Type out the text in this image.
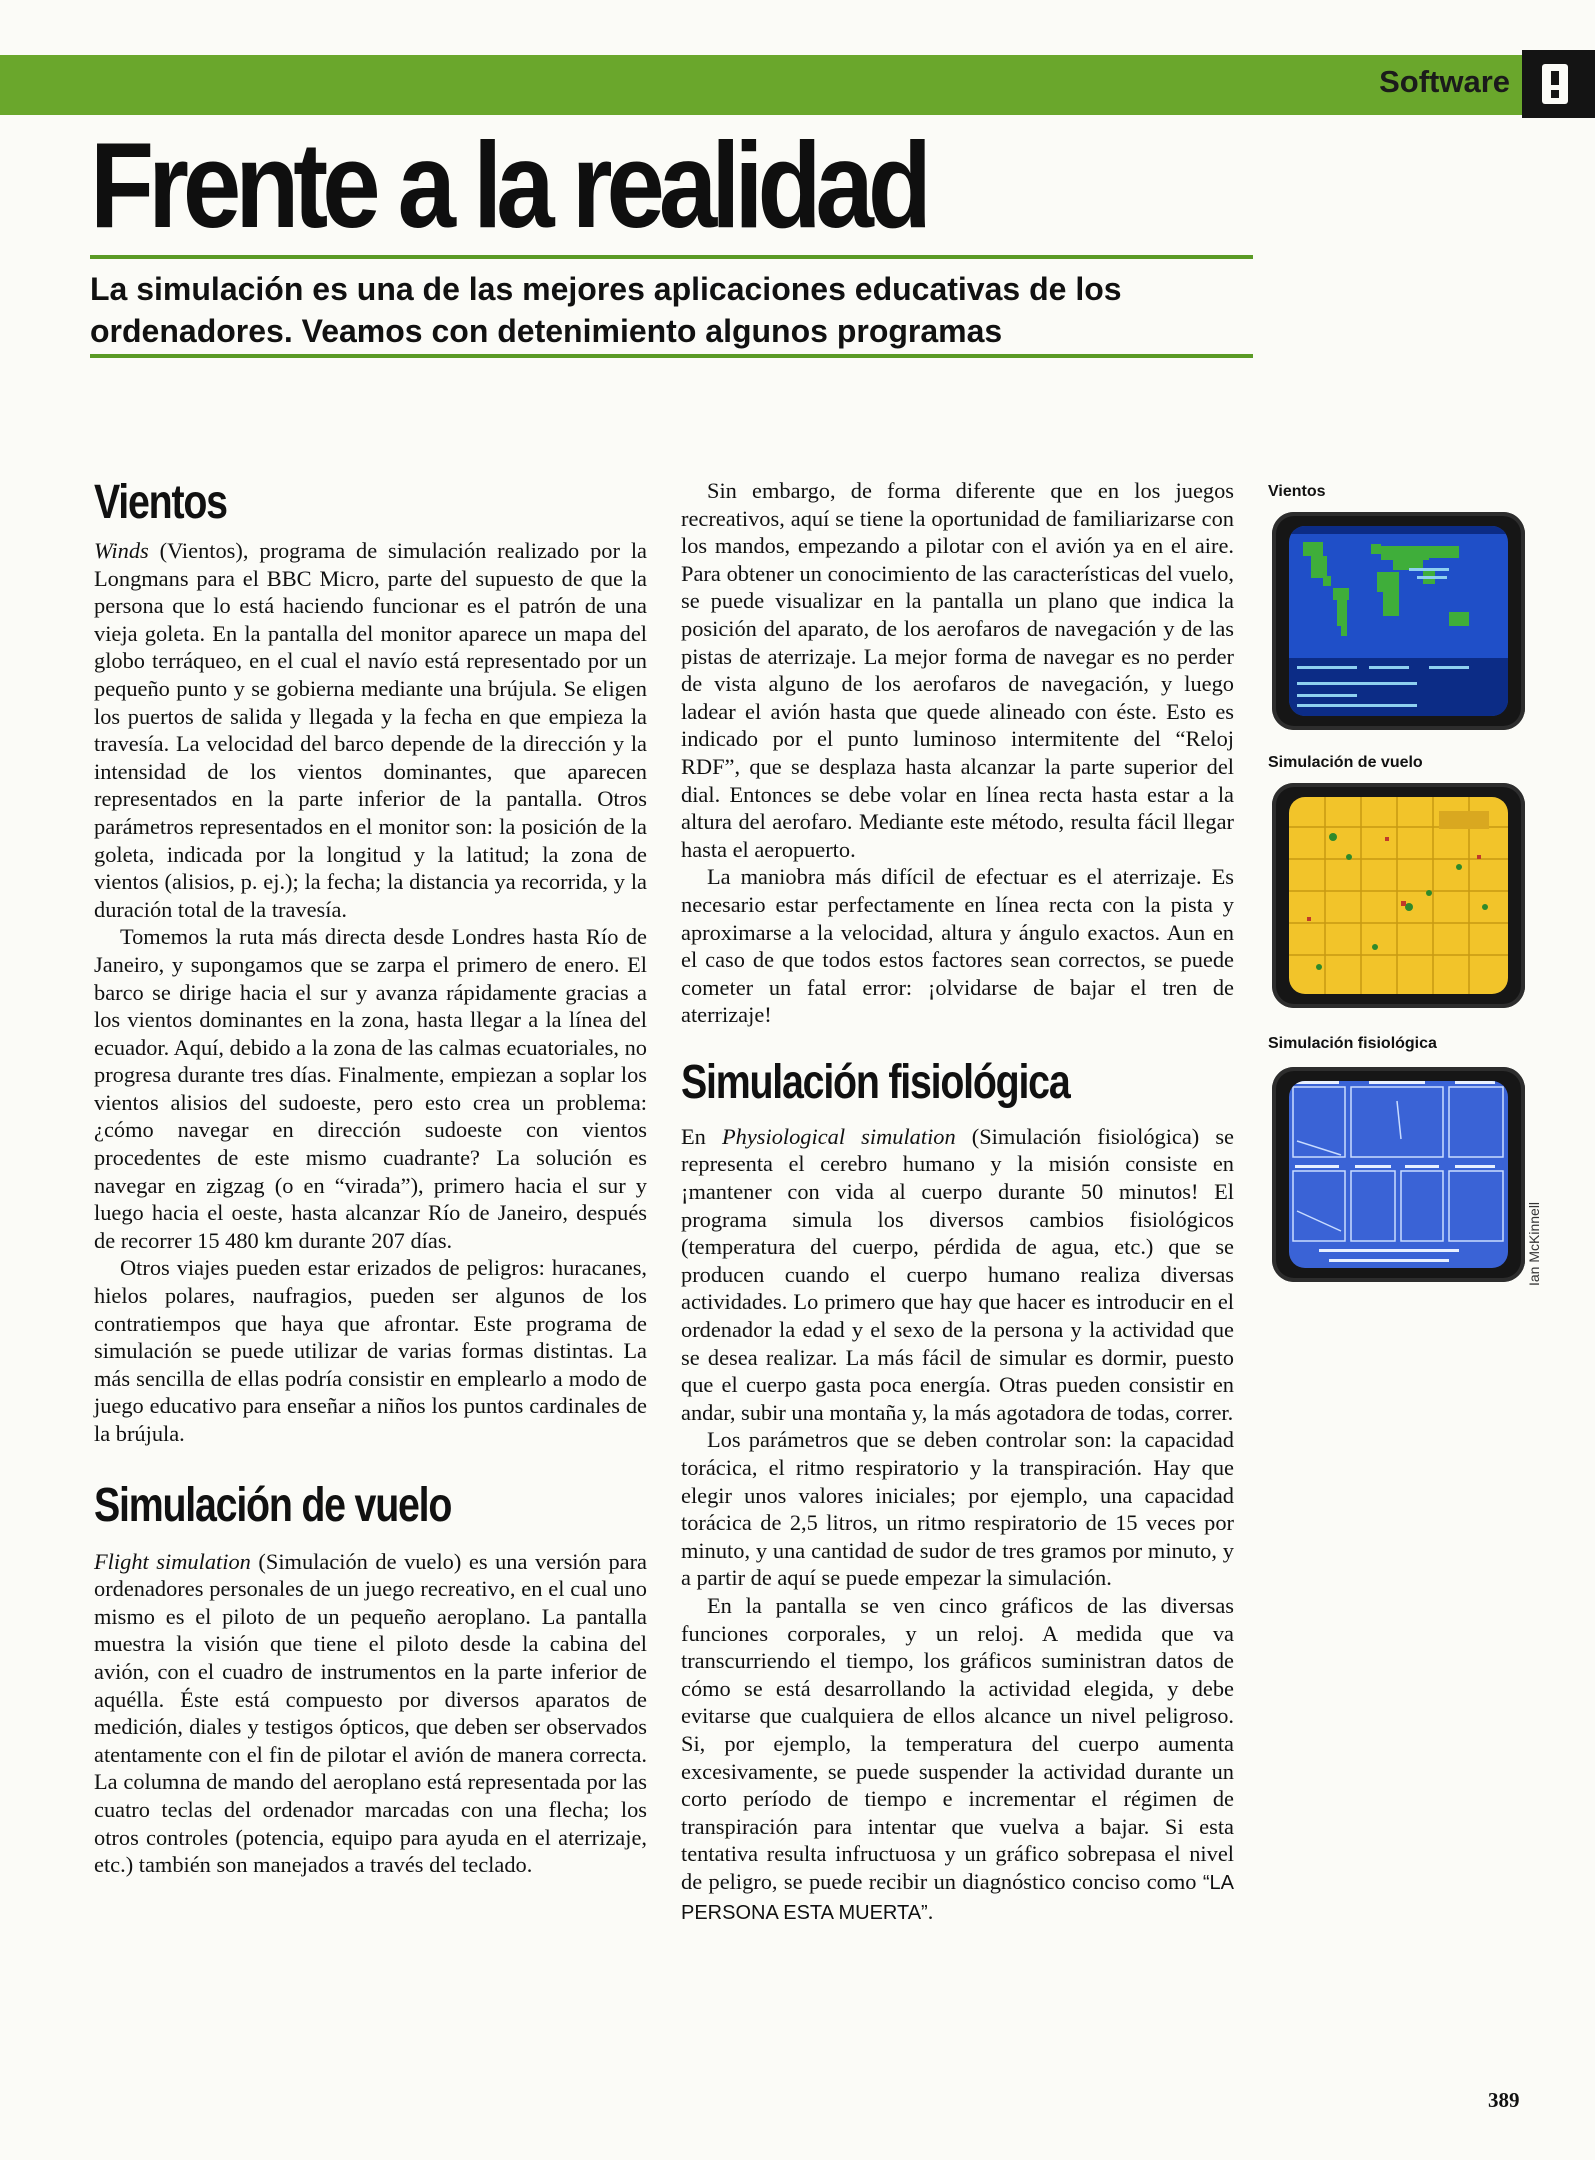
Software
Frente a la realidad

La simulación es una de las mejores aplicaciones educativas de los ordenadores. Veamos con detenimiento algunos programas

Vientos

Winds (Vientos), programa de simulación realizado por la Longmans para el BBC Micro, parte del supuesto de que la persona que lo está haciendo funcionar es el patrón de una vieja goleta. En la pantalla del monitor aparece un mapa del globo terráqueo, en el cual el navío está representado por un pequeño punto y se gobierna mediante una brújula. Se eligen los puertos de salida y llegada y la fecha en que empieza la travesía. La velocidad del barco depende de la dirección y la intensidad de los vientos dominantes, que aparecen representados en la parte inferior de la pantalla. Otros parámetros representados en el monitor son: la posición de la goleta, indicada por la longitud y la latitud; la zona de vientos (alisios, p. ej.); la fecha; la distancia ya recorrida, y la duración total de la travesía.

Tomemos la ruta más directa desde Londres hasta Río de Janeiro, y supongamos que se zarpa el primero de enero. El barco se dirige hacia el sur y avanza rápidamente gracias a los vientos dominantes en la zona, hasta llegar a la línea del ecuador. Aquí, debido a la zona de las calmas ecuatoriales, no progresa durante tres días. Finalmente, empiezan a soplar los vientos alisios del sudoeste, pero esto crea un problema: ¿cómo navegar en dirección sudoeste con vientos procedentes de este mismo cuadrante? La solución es navegar en zigzag (o en “virada”), primero hacia el sur y luego hacia el oeste, hasta alcanzar Río de Janeiro, después de recorrer 15 480 km durante 207 días.

Otros viajes pueden estar erizados de peligros: huracanes, hielos polares, naufragios, pueden ser algunos de los contratiempos que haya que afrontar. Este programa de simulación se puede utilizar de varias formas distintas. La más sencilla de ellas podría consistir en emplearlo a modo de juego educativo para enseñar a niños los puntos cardinales de la brújula.

Simulación de vuelo

Flight simulation (Simulación de vuelo) es una versión para ordenadores personales de un juego recreativo, en el cual uno mismo es el piloto de un pequeño aeroplano. La pantalla muestra la visión que tiene el piloto desde la cabina del avión, con el cuadro de instrumentos en la parte inferior de aquélla. Éste está compuesto por diversos aparatos de medición, diales y testigos ópticos, que deben ser observados atentamente con el fin de pilotar el avión de manera correcta. La columna de mando del aeroplano está representada por las cuatro teclas del ordenador marcadas con una flecha; los otros controles (potencia, equipo para ayuda en el aterrizaje, etc.) también son manejados a través del teclado.

Sin embargo, de forma diferente que en los juegos recreativos, aquí se tiene la oportunidad de familiarizarse con los mandos, empezando a pilotar con el avión ya en el aire. Para obtener un conocimiento de las características del vuelo, se puede visualizar en la pantalla un plano que indica la posición del aparato, de los aerofaros de navegación y de las pistas de aterrizaje. La mejor forma de navegar es no perder de vista alguno de los aerofaros de navegación, y luego ladear el avión hasta que quede alineado con éste. Esto es indicado por el punto luminoso intermitente del “Reloj RDF”, que se desplaza hasta alcanzar la parte superior del dial. Entonces se debe volar en línea recta hasta estar a la altura del aerofaro. Mediante este método, resulta fácil llegar hasta el aeropuerto.

La maniobra más difícil de efectuar es el aterrizaje. Es necesario estar perfectamente en línea recta con la pista y aproximarse a la velocidad, altura y ángulo exactos. Aun en el caso de que todos estos factores sean correctos, se puede cometer un fatal error: ¡olvidarse de bajar el tren de aterrizaje!

Simulación fisiológica

En Physiological simulation (Simulación fisiológica) se representa el cerebro humano y la misión consiste en ¡mantener con vida al cuerpo durante 50 minutos! El programa simula los diversos cambios fisiológicos (temperatura del cuerpo, pérdida de agua, etc.) que se producen cuando el cuerpo humano realiza diversas actividades. Lo primero que hay que hacer es introducir en el ordenador la edad y el sexo de la persona y la actividad que se desea realizar. La más fácil de simular es dormir, puesto que el cuerpo gasta poca energía. Otras pueden consistir en andar, subir una montaña y, la más agotadora de todas, correr.

Los parámetros que se deben controlar son: la capacidad torácica, el ritmo respiratorio y la transpiración. Hay que elegir unos valores iniciales; por ejemplo, una capacidad torácica de 2,5 litros, un ritmo respiratorio de 15 veces por minuto, y una cantidad de sudor de tres gramos por minuto, y a partir de aquí se puede empezar la simulación.

En la pantalla se ven cinco gráficos de las diversas funciones corporales, y un reloj. A medida que va transcurriendo el tiempo, los gráficos suministran datos de cómo se está desarrollando la actividad elegida, y debe evitarse que cualquiera de ellos alcance un nivel peligroso. Si, por ejemplo, la temperatura del cuerpo aumenta excesivamente, se puede suspender la actividad durante un corto período de tiempo e incrementar el régimen de transpiración para intentar que vuelva a bajar. Si esta tentativa resulta infructuosa y un gráfico sobrepasa el nivel de peligro, se puede recibir un diagnóstico conciso como “LA PERSONA ESTA MUERTA”.

Vientos
Simulación de vuelo
Simulación fisiológica
Ian McKinnell
389
